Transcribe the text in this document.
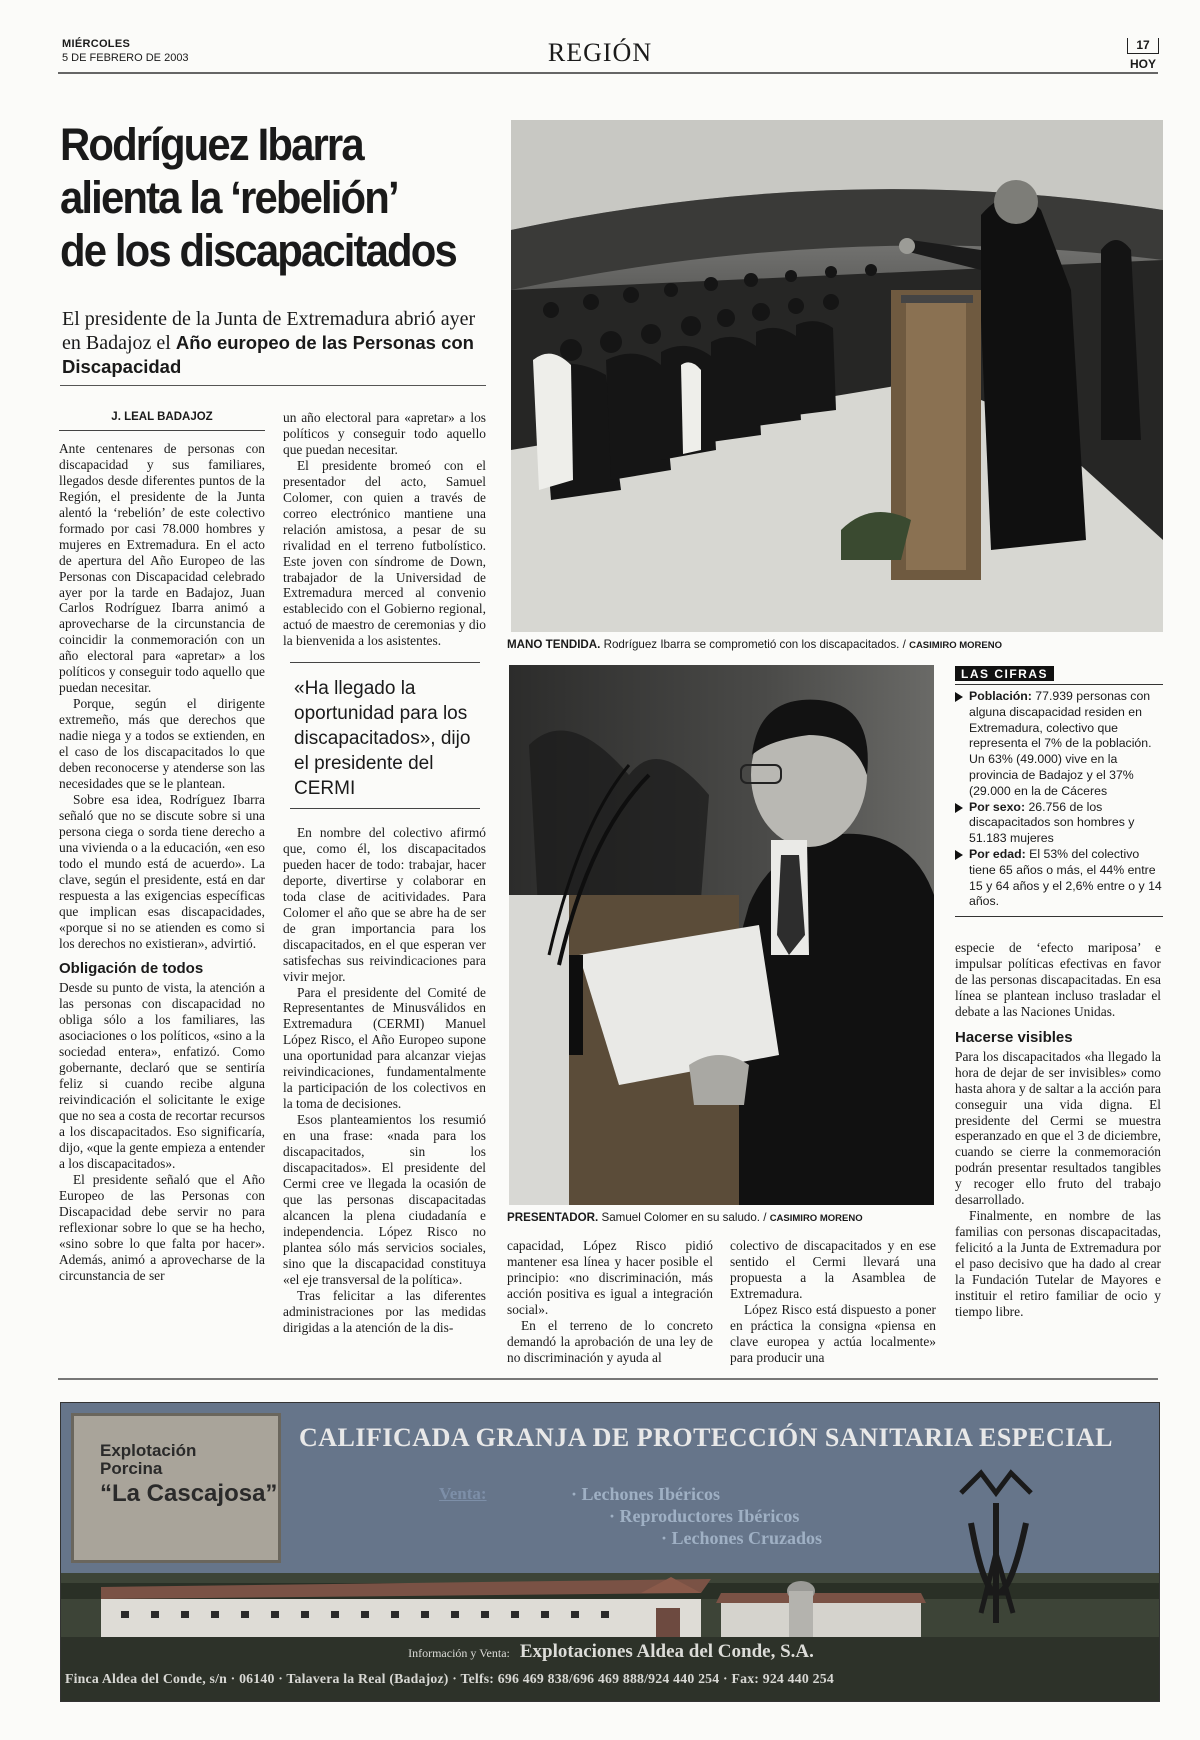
MIÉRCOLES
5 DE FEBRERO DE 2003	REGIÓN	17
HOY
Rodríguez Ibarra
alienta la ‘rebelión’
de los discapacitados
El presidente de la Junta de Extremadura abrió ayer en Badajoz el Año europeo de las Personas con Discapacidad
J. LEAL BADAJOZ

Ante centenares de personas con discapacidad y sus familiares, llegados desde diferentes puntos de la Región, el presidente de la Junta alentó la ‘rebelión’ de este colectivo formado por casi 78.000 hombres y mujeres en Extremadura. En el acto de apertura del Año Europeo de las Personas con Discapacidad celebrado ayer por la tarde en Badajoz, Juan Carlos Rodríguez Ibarra animó a aprovecharse de la circunstancia de coincidir la conmemoración con un año electoral para «apretar» a los políticos y conseguir todo aquello que puedan necesitar.

Porque, según el dirigente extremeño, más que derechos que nadie niega y a todos se extienden, en el caso de los discapacitados lo que deben reconocerse y atenderse son las necesidades que se le plantean.

Sobre esa idea, Rodríguez Ibarra señaló que no se discute sobre si una persona ciega o sorda tiene derecho a una vivienda o a la educación, «en eso todo el mundo está de acuerdo». La clave, según el presidente, está en dar respuesta a las exigencias específicas que implican esas discapacidades, «porque si no se atienden es como si los derechos no existieran», advirtió.

Obligación de todos

Desde su punto de vista, la atención a las personas con discapacidad no obliga sólo a los familiares, las asociaciones o los políticos, «sino a la sociedad entera», enfatizó. Como gobernante, declaró que se sentiría feliz si cuando recibe alguna reivindicación el solicitante le exige que no sea a costa de recortar recursos a los discapacitados. Eso significaría, dijo, «que la gente empieza a entender a los discapacitados».

El presidente señaló que el Año Europeo de las Personas con Discapacidad debe servir no para reflexionar sobre lo que se ha hecho, «sino sobre lo que falta por hacer». Además, animó a aprovecharse de la circunstancia de ser

un año electoral para «apretar» a los políticos y conseguir todo aquello que puedan necesitar.

El presidente bromeó con el presentador del acto, Samuel Colomer, con quien a través de correo electrónico mantiene una relación amistosa, a pesar de su rivalidad en el terreno futbolístico. Este joven con síndrome de Down, trabajador de la Universidad de Extremadura merced al convenio establecido con el Gobierno regional, actuó de maestro de ceremonias y dio la bienvenida a los asistentes.

«Ha llegado la oportunidad para los discapacitados», dijo el presidente del CERMI

En nombre del colectivo afirmó que, como él, los discapacitados pueden hacer de todo: trabajar, hacer deporte, divertirse y colaborar en toda clase de acitividades. Para Colomer el año que se abre ha de ser de gran importancia para los discapacitados, en el que esperan ver satisfechas sus reivindicaciones para vivir mejor.

Para el presidente del Comité de Representantes de Minusválidos en Extremadura (CERMI) Manuel López Risco, el Año Europeo supone una oportunidad para alcanzar viejas reivindicaciones, fundamentalmente la participación de los colectivos en la toma de decisiones.

Esos planteamientos los resumió en una frase: «nada para los discapacitados, sin los discapacitados». El presidente del Cermi cree ve llegada la ocasión de que las personas discapacitadas alcancen la plena ciudadanía e independencia. López Risco no plantea sólo más servicios sociales, sino que la discapacidad constituya «el eje transversal de la política».

Tras felicitar a las diferentes administraciones por las medidas dirigidas a la atención de la dis-

MANO TENDIDA. Rodríguez Ibarra se comprometió con los discapacitados. / CASIMIRO MORENO
PRESENTADOR. Samuel Colomer en su saludo. / CASIMIRO MORENO
LAS CIFRAS
Población: 77.939 personas con alguna discapacidad residen en Extremadura, colectivo que representa el 7% de la población. Un 63% (49.000) vive en la provincia de Badajoz y el 37% (29.000 en la de Cáceres
Por sexo: 26.756 de los discapacitados son hombres y 51.183 mujeres
Por edad: El 53% del colectivo tiene 65 años o más, el 44% entre 15 y 64 años y el 2,6% entre o y 14 años.

especie de ‘efecto mariposa’ e impulsar políticas efectivas en favor de las personas discapacitadas. En esa línea se plantean incluso trasladar el debate a las Naciones Unidas.

Hacerse visibles

Para los discapacitados «ha llegado la hora de dejar de ser invisibles» como hasta ahora y de saltar a la acción para conseguir una vida digna. El presidente del Cermi se muestra esperanzado en que el 3 de diciembre, cuando se cierre la conmemoración podrán presentar resultados tangibles y recoger ello fruto del trabajo desarrollado.

Finalmente, en nombre de las familias con personas discapacitadas, felicitó a la Junta de Extremadura por el paso decisivo que ha dado al crear la Fundación Tutelar de Mayores e instituir el retiro familiar de ocio y tiempo libre.

capacidad, López Risco pidió mantener esa línea y hacer posible el principio: «no discriminación, más acción positiva es igual a integración social».

En el terreno de lo concreto demandó la aprobación de una ley de no discriminación y ayuda al

colectivo de discapacitados y en ese sentido el Cermi llevará una propuesta a la Asamblea de Extremadura.

López Risco está dispuesto a poner en práctica la consigna «piensa en clave europea y actúa localmente» para producir una

CALIFICADA GRANJA DE PROTECCIÓN SANITARIA ESPECIAL
Explotación
Porcina
“La Cascajosa”	Venta:	· Lechones Ibéricos
· Reproductores Ibéricos
· Lechones Cruzados
Información y Venta: Explotaciones Aldea del Conde, S.A.
Finca Aldea del Conde, s/n · 06140 · Talavera la Real (Badajoz) · Telfs: 696 469 838/696 469 888/924 440 254 · Fax: 924 440 254
